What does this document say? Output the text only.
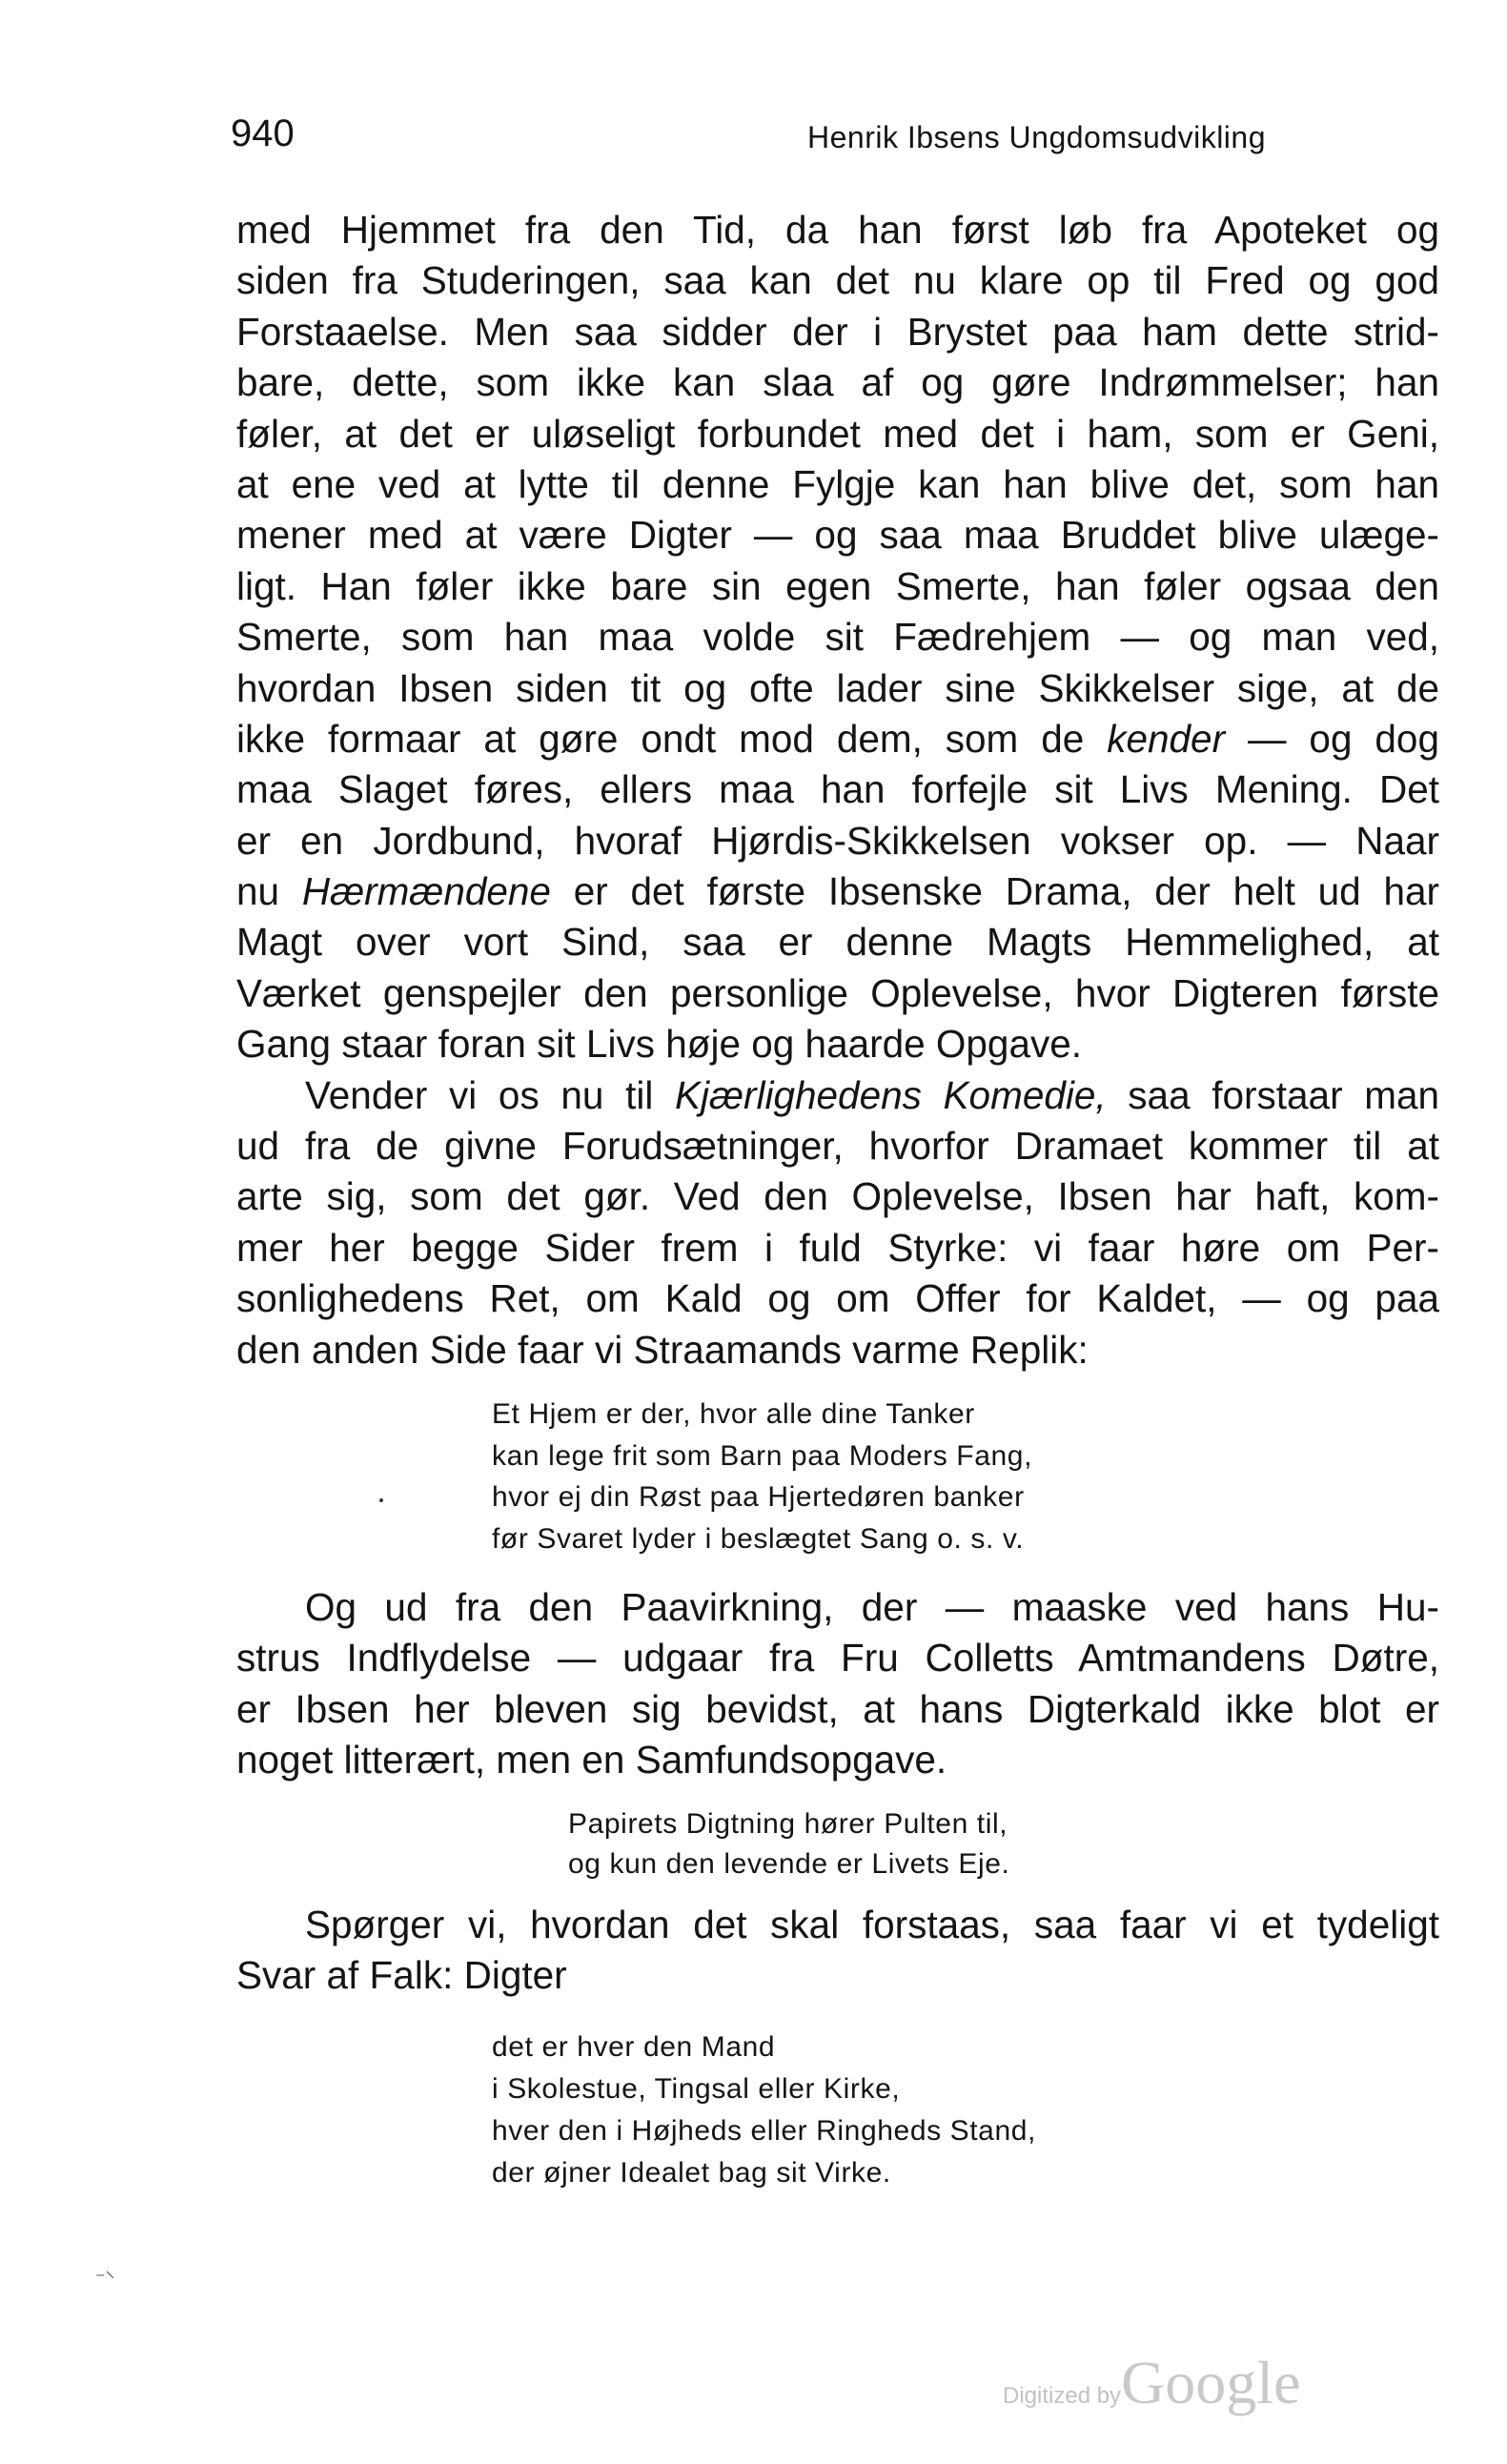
940	Henrik Ibsens Ungdomsudvikling
med Hjemmet fra den Tid, da han først løb fra Apoteket og
siden fra Studeringen, saa kan det nu klare op til Fred og god
Forstaaelse. Men saa sidder der i Brystet paa ham dette strid-
bare, dette, som ikke kan slaa af og gøre Indrømmelser; han
føler, at det er uløseligt forbundet med det i ham, som er Geni,
at ene ved at lytte til denne Fylgje kan han blive det, som han
mener med at være Digter — og saa maa Bruddet blive ulæge-
ligt. Han føler ikke bare sin egen Smerte, han føler ogsaa den
Smerte, som han maa volde sit Fædrehjem — og man ved,
hvordan Ibsen siden tit og ofte lader sine Skikkelser sige, at de
ikke formaar at gøre ondt mod dem, som de kender — og dog
maa Slaget føres, ellers maa han forfejle sit Livs Mening. Det
er en Jordbund, hvoraf Hjørdis-Skikkelsen vokser op. — Naar
nu Hærmændene er det første Ibsenske Drama, der helt ud har
Magt over vort Sind, saa er denne Magts Hemmelighed, at
Værket genspejler den personlige Oplevelse, hvor Digteren første
Gang staar foran sit Livs høje og haarde Opgave.
Vender vi os nu til Kjærlighedens Komedie, saa forstaar man
ud fra de givne Forudsætninger, hvorfor Dramaet kommer til at
arte sig, som det gør. Ved den Oplevelse, Ibsen har haft, kom-
mer her begge Sider frem i fuld Styrke: vi faar høre om Per-
sonlighedens Ret, om Kald og om Offer for Kaldet, — og paa
den anden Side faar vi Straamands varme Replik:
Et Hjem er der, hvor alle dine Tanker
kan lege frit som Barn paa Moders Fang,
hvor ej din Røst paa Hjertedøren banker
før Svaret lyder i beslægtet Sang o. s. v.
Og ud fra den Paavirkning, der — maaske ved hans Hu-
strus Indflydelse — udgaar fra Fru Colletts Amtmandens Døtre,
er Ibsen her bleven sig bevidst, at hans Digterkald ikke blot er
noget litterært, men en Samfundsopgave.
Papirets Digtning hører Pulten til,
og kun den levende er Livets Eje.
Spørger vi, hvordan det skal forstaas, saa faar vi et tydeligt
Svar af Falk: Digter
det er hver den Mand
i Skolestue, Tingsal eller Kirke,
hver den i Højheds eller Ringheds Stand,
der øjner Idealet bag sit Virke.
⁻⸌
Digitized byGoogle
